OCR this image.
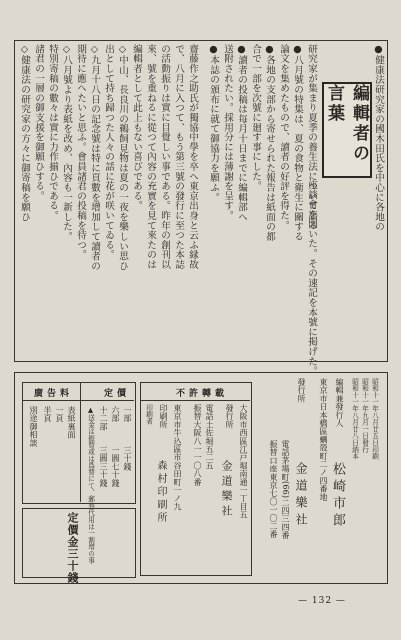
編輯者の言葉	●健康法研究家の國木田氏を中心に各地の
研究家が集まり夏季の養生法について語る
座談會を開いた。その速記を本號に掲げた。
●八月號の特集は、夏の食物と衛生に關する
論文を集めたもので、讀者の好評を得た。
●各地の支部から寄せられた報告は紙面の都
合で一部を次號に廻す事にした。
●讀者の投稿は每月十日までに編輯部へ
送附されたい。採用分には薄謝を呈す。
●本誌の頒布に就て御協力を願ふ。
齋藤作之助氏が獨協中學を卒へ東京出身と云ふ縁故
で、八月に入つて、もう第三號の發行に至つた本誌
の活動振りは實に目覺しい事である。昨年の創刊以
來、號を重ねるに從つて內容の充實を見て來たのは
編輯者として此上もない喜びである。
◇中山、長良川の鵜飼見物は夏の一夜を樂しい思ひ
出として持ち歸つた人々の話に花が咲いてゐる。
◇九月十八日の記念號は特に頁數を增加して讀者の
期待に應へたいと思ふ。會員諸君の投稿を待つ。
◇八月號より表紙を改め、內容も一新した。
特別寄稿の數々は實に力作揃ひである。
諸君の一層の御支援を御願ひする。
◇健康法の研究家の方々に御寄稿を願ひ
昭和十一年八月廿五日印刷
昭和十一年九月一日發行
昭和十一年八月廿八日納本
編輯兼發行人
松崎市郎
東京市日本橋區蠣殼町二ノ四番地
發行所
金道樂社
電話茅場町(66)二四三四番
振替口座東京七〇一〇二番
不許轉載
大阪市西區江戸堀南通一丁目五
發行所
金道樂社
電話土佐堀五二五
振替大阪八一一〇八番
東京市牛込區市谷田町一ノ九
印刷所
森村印刷所
印刷者
定價
廣告料
一部
三十錢
六部
一圓七十錢
十二部
三圓三十錢
▲送金は振替或は爲替にて、郵券代用は一割增の事
表紙裏面
一頁
半頁
別途御相談
定價金三十錢
— 132 —
